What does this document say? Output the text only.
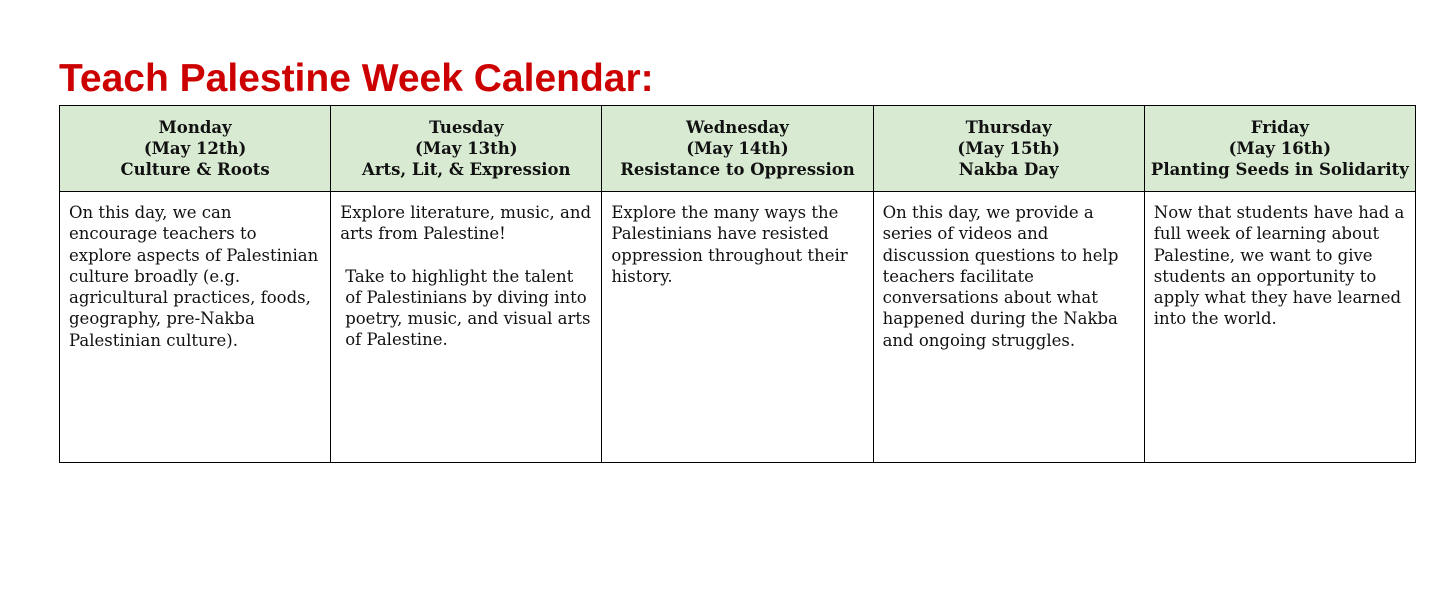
Teach Palestine Week Calendar:
Monday
(May 12th)
Culture & Roots	Tuesday
(May 13th)
Arts, Lit, & Expression	Wednesday
(May 14th)
Resistance to Oppression	Thursday
(May 15th)
Nakba Day	Friday
(May 16th)
Planting Seeds in Solidarity

On this day, we can encourage teachers to explore aspects of Palestinian culture broadly (e.g. agricultural practices, foods, geography, pre-Nakba Palestinian culture).	Explore literature, music, and arts from Palestine!
Take to highlight the talent of Palestinians by diving into poetry, music, and visual arts of Palestine.	Explore the many ways the Palestinians have resisted oppression throughout their history.	On this day, we provide a series of videos and discussion questions to help teachers facilitate conversations about what happened during the Nakba and ongoing struggles.	Now that students have had a full week of learning about Palestine, we want to give students an opportunity to apply what they have learned into the world.
